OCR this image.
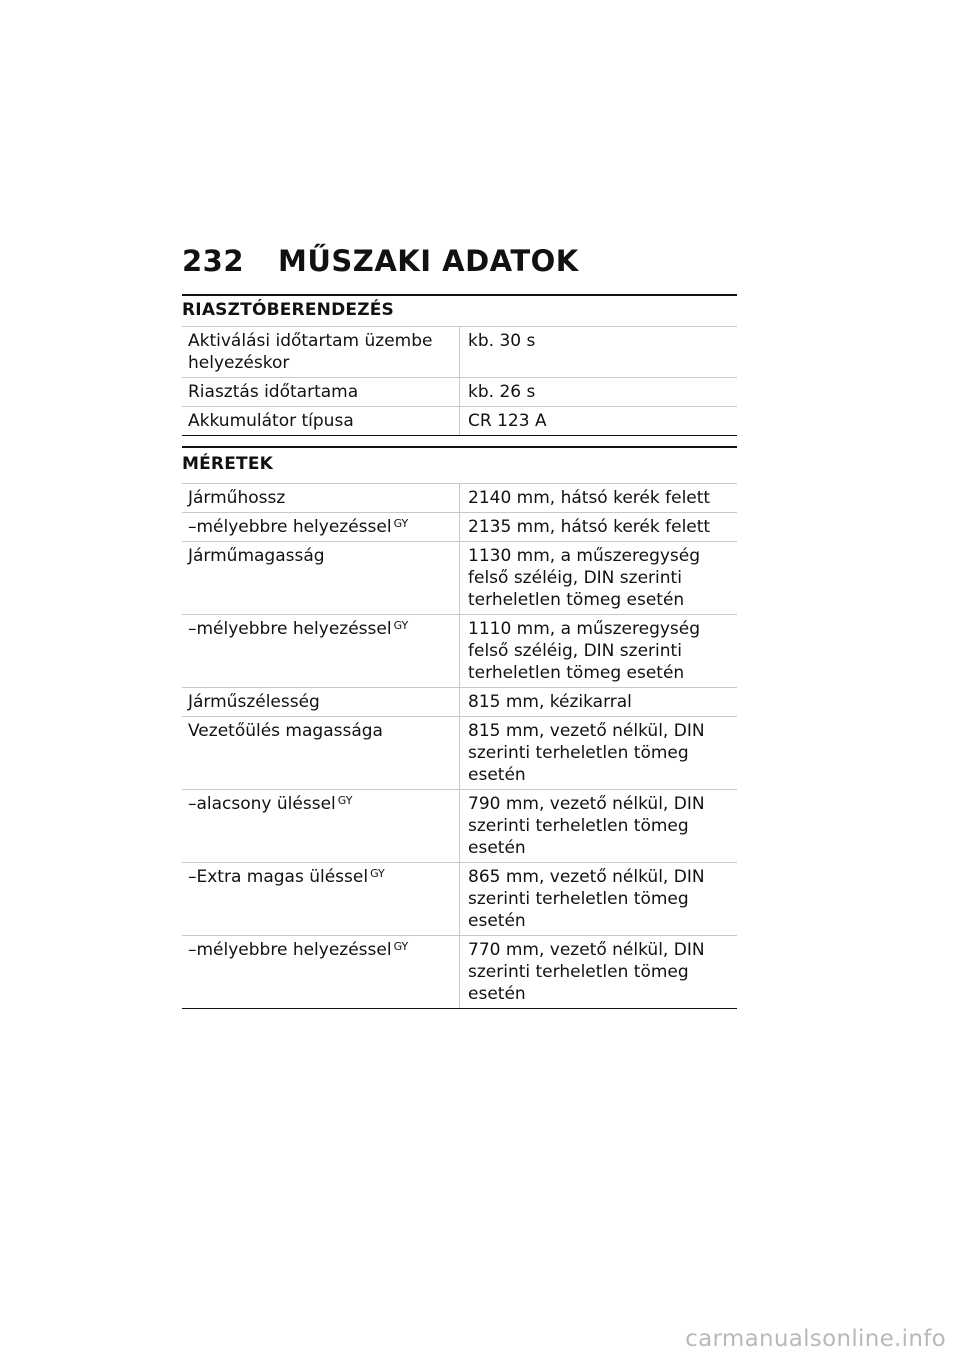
232 MŰSZAKI ADATOK
RIASZTÓBERENDEZÉS
Aktiválási időtartam üzembe helyezéskor	kb. 30 s
Riasztás időtartama	kb. 26 s
Akkumulátor típusa	CR 123 A
MÉRETEK
Járműhossz	2140 mm, hátsó kerék felett
–mélyebbre helyezéssel $^{GY}$	2135 mm, hátsó kerék felett
Járműmagasság	1130 mm, a műszeregység felső széléig, DIN szerinti terheletlen tömeg esetén
–mélyebbre helyezéssel $^{GY}$	1110 mm, a műszeregység felső széléig, DIN szerinti terheletlen tömeg esetén
Járműszélesség	815 mm, kézikarral
Vezetőülés magassága	815 mm, vezető nélkül, DIN szerinti terheletlen tömeg esetén
–alacsony üléssel $^{GY}$	790 mm, vezető nélkül, DIN szerinti terheletlen tömeg esetén
–Extra magas üléssel $^{GY}$	865 mm, vezető nélkül, DIN szerinti terheletlen tömeg esetén
–mélyebbre helyezéssel $^{GY}$	770 mm, vezető nélkül, DIN szerinti terheletlen tömeg esetén
carmanualsonline.info
